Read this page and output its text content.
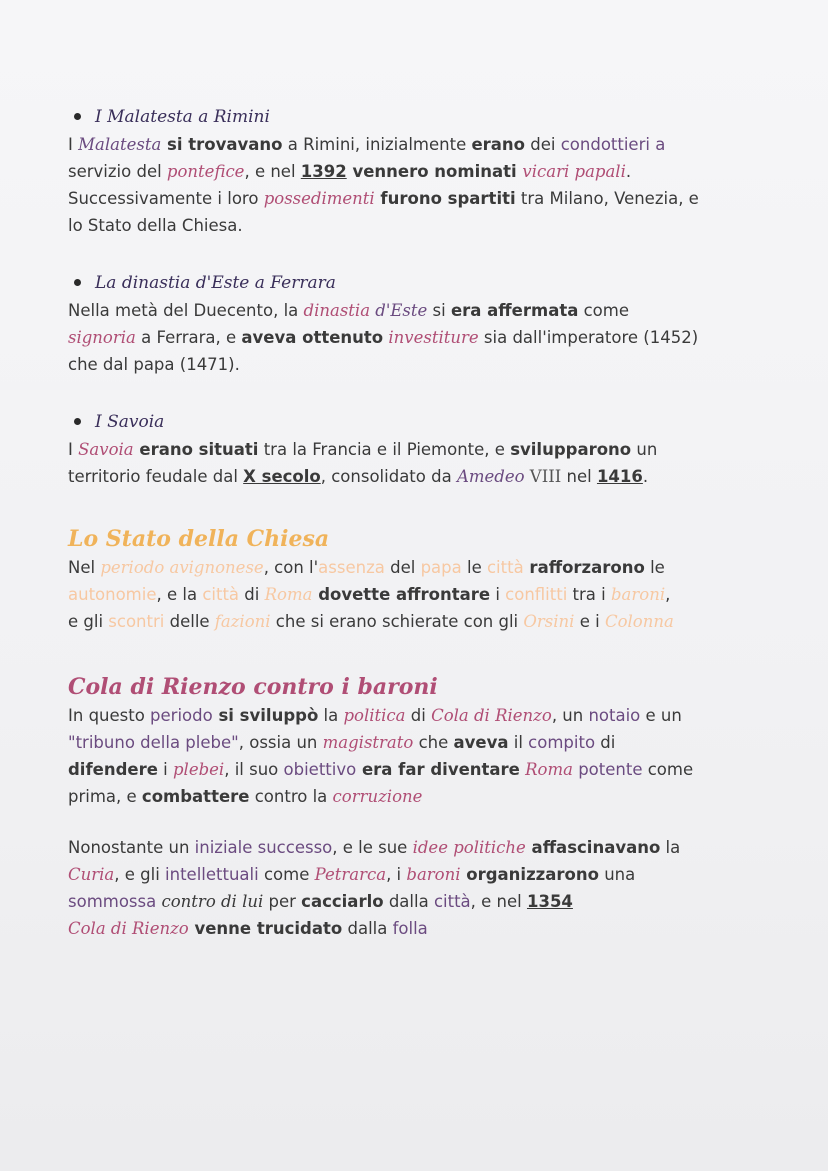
I Malatesta a Rimini

I Malatesta si trovavano a Rimini, inizialmente erano dei condottieri a
servizio del pontefice, e nel 1392 vennero nominati vicari papali.
Successivamente i loro possedimenti furono spartiti tra Milano, Venezia, e
lo Stato della Chiesa.

La dinastia d'Este a Ferrara

Nella metà del Duecento, la dinastia d'Este si era affermata come
signoria a Ferrara, e aveva ottenuto investiture sia dall'imperatore (1452)
che dal papa (1471).

I Savoia

I Savoia erano situati tra la Francia e il Piemonte, e svilupparono un
territorio feudale dal X secolo, consolidato da Amedeo VIII nel 1416.

Lo Stato della Chiesa

Nel periodo avignonese, con l'assenza del papa le città rafforzarono le
autonomie, e la città di Roma dovette affrontare i conflitti tra i baroni,
e gli scontri delle fazioni che si erano schierate con gli Orsini e i Colonna

Cola di Rienzo contro i baroni

In questo periodo si sviluppò la politica di Cola di Rienzo, un notaio e un
"tribuno della plebe", ossia un magistrato che aveva il compito di
difendere i plebei, il suo obiettivo era far diventare Roma potente come
prima, e combattere contro la corruzione

Nonostante un iniziale successo, e le sue idee politiche affascinavano la
Curia, e gli intellettuali come Petrarca, i baroni organizzarono una
sommossa contro di lui per cacciarlo dalla città, e nel 1354
Cola di Rienzo venne trucidato dalla folla
